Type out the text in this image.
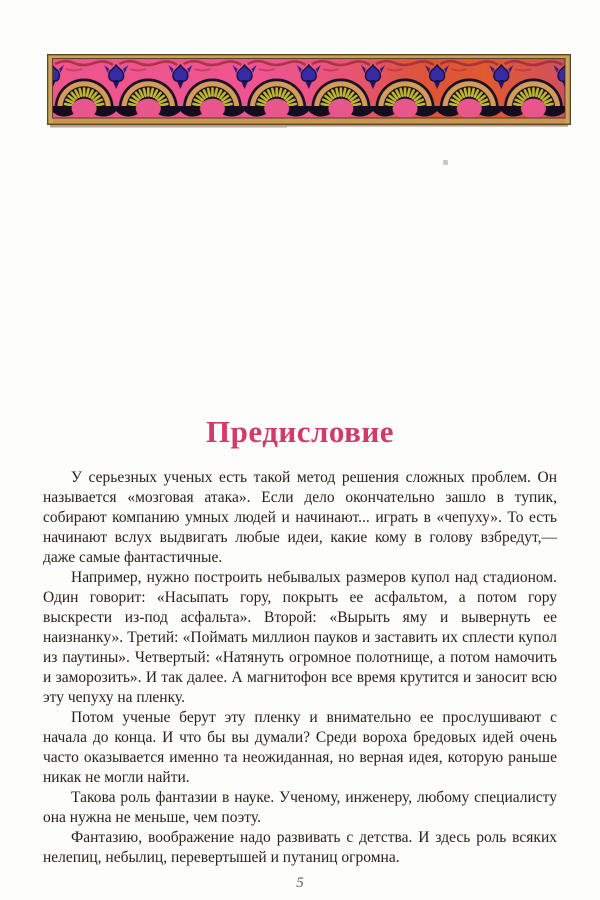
Предисловие

У серьезных ученых есть такой метод решения сложных проблем. Он называется «мозговая атака». Если дело окончательно зашло в тупик, собирают компанию умных людей и начинают... играть в «чепуху». То есть начинают вслух выдвигать любые идеи, какие кому в голову взбредут,— даже самые фантастичные.

Например, нужно построить небывалых размеров купол над стадионом. Один говорит: «Насыпать гору, покрыть ее асфальтом, а потом гору выскрести из-под асфальта». Второй: «Вырыть яму и вывернуть ее наизнанку». Третий: «Поймать миллион пауков и заставить их сплести купол из паутины». Четвертый: «Натянуть огромное полотнище, а потом намочить и заморозить». И так далее. А магнитофон все время крутится и заносит всю эту чепуху на пленку.

Потом ученые берут эту пленку и внимательно ее прослушивают с начала до конца. И что бы вы думали? Среди вороха бредовых идей очень часто оказывается именно та неожиданная, но верная идея, которую раньше никак не могли найти.

Такова роль фантазии в науке. Ученому, инженеру, любому специалисту она нужна не меньше, чем поэту.

Фантазию, воображение надо развивать с детства. И здесь роль всяких нелепиц, небылиц, перевертышей и путаниц огромна.

5
